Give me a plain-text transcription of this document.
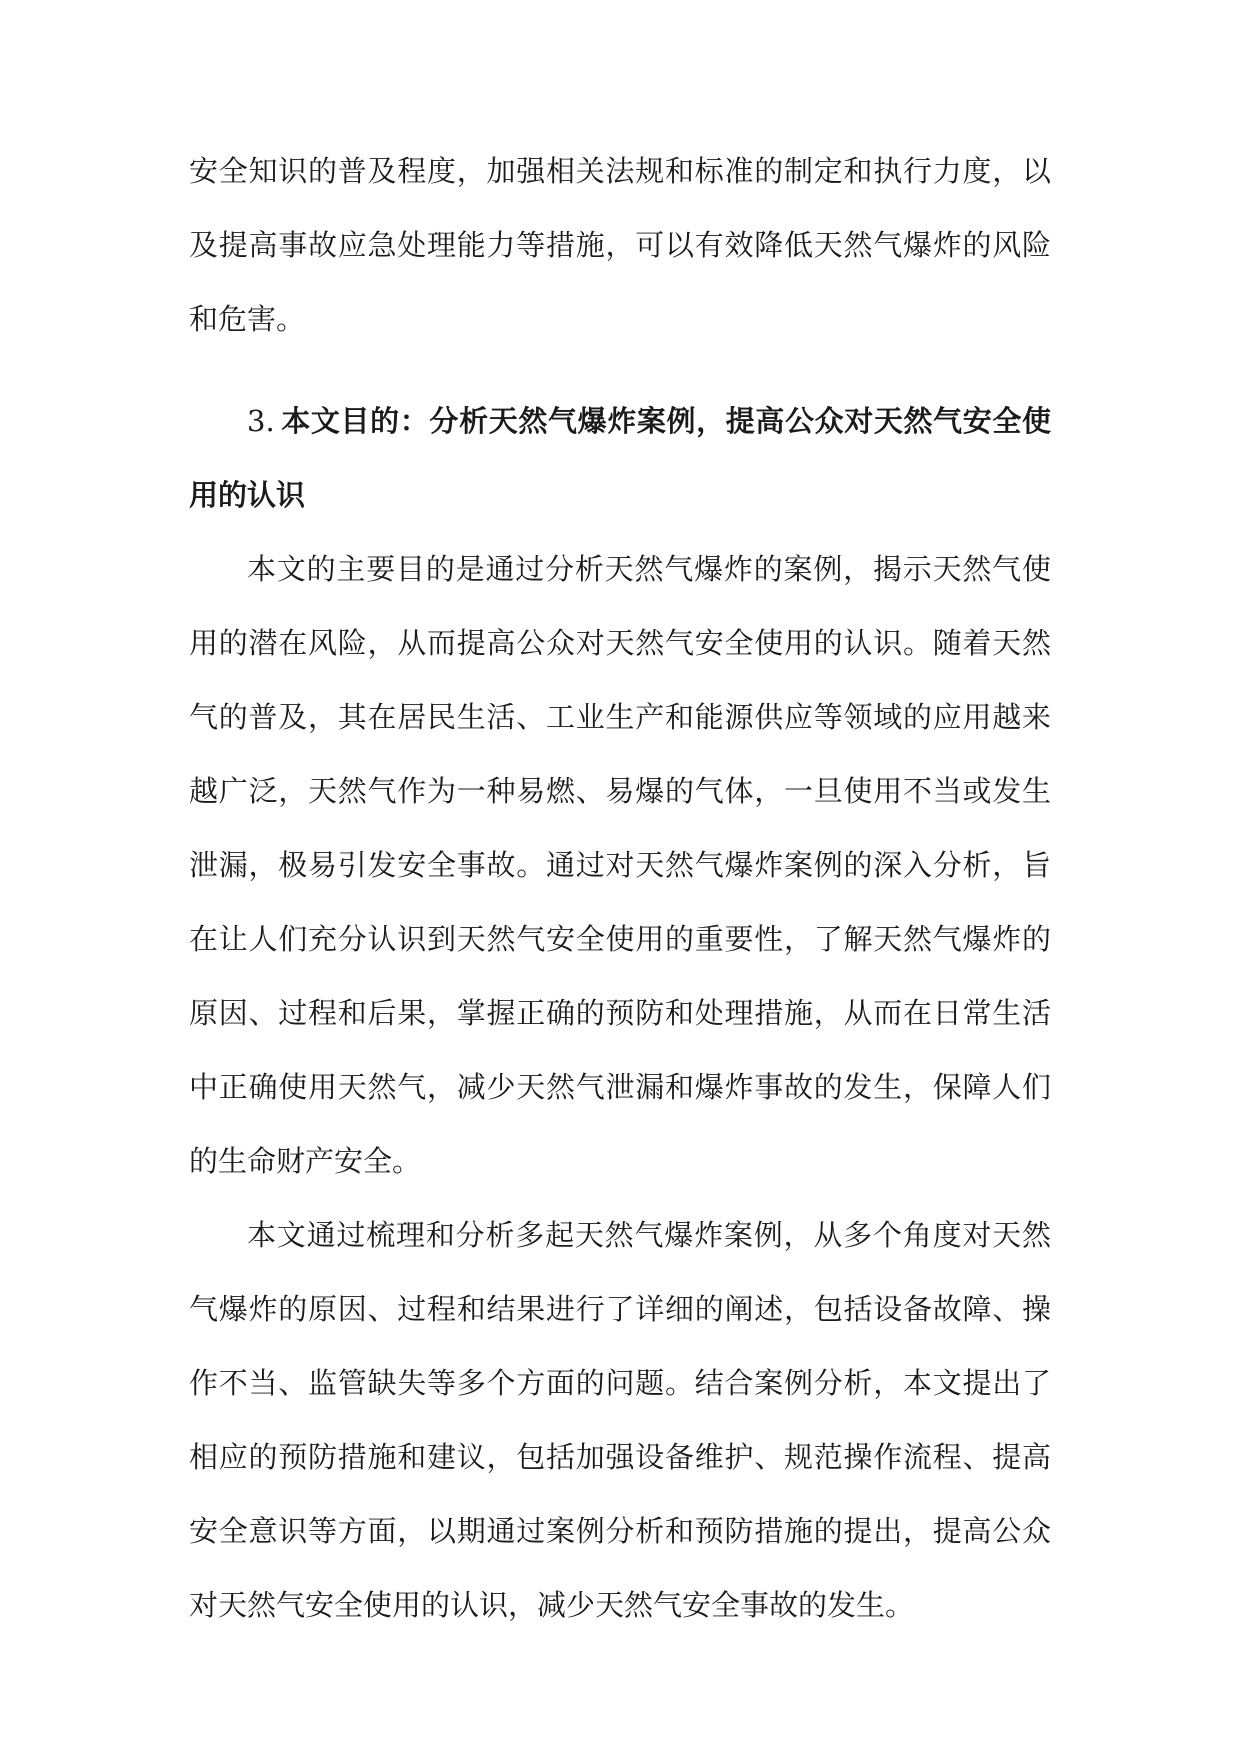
安全知识的普及程度，加强相关法规和标准的制定和执行力度，以及提高事故应急处理能力等措施，可以有效降低天然气爆炸的风险和危害。

3. 本文目的：分析天然气爆炸案例，提高公众对天然气安全使用的认识

本文的主要目的是通过分析天然气爆炸的案例，揭示天然气使用的潜在风险，从而提高公众对天然气安全使用的认识。随着天然气的普及，其在居民生活、工业生产和能源供应等领域的应用越来越广泛，天然气作为一种易燃、易爆的气体，一旦使用不当或发生泄漏，极易引发安全事故。通过对天然气爆炸案例的深入分析，旨在让人们充分认识到天然气安全使用的重要性，了解天然气爆炸的原因、过程和后果，掌握正确的预防和处理措施，从而在日常生活中正确使用天然气，减少天然气泄漏和爆炸事故的发生，保障人们的生命财产安全。

本文通过梳理和分析多起天然气爆炸案例，从多个角度对天然气爆炸的原因、过程和结果进行了详细的阐述，包括设备故障、操作不当、监管缺失等多个方面的问题。结合案例分析，本文提出了相应的预防措施和建议，包括加强设备维护、规范操作流程、提高安全意识等方面，以期通过案例分析和预防措施的提出，提高公众对天然气安全使用的认识，减少天然气安全事故的发生。
